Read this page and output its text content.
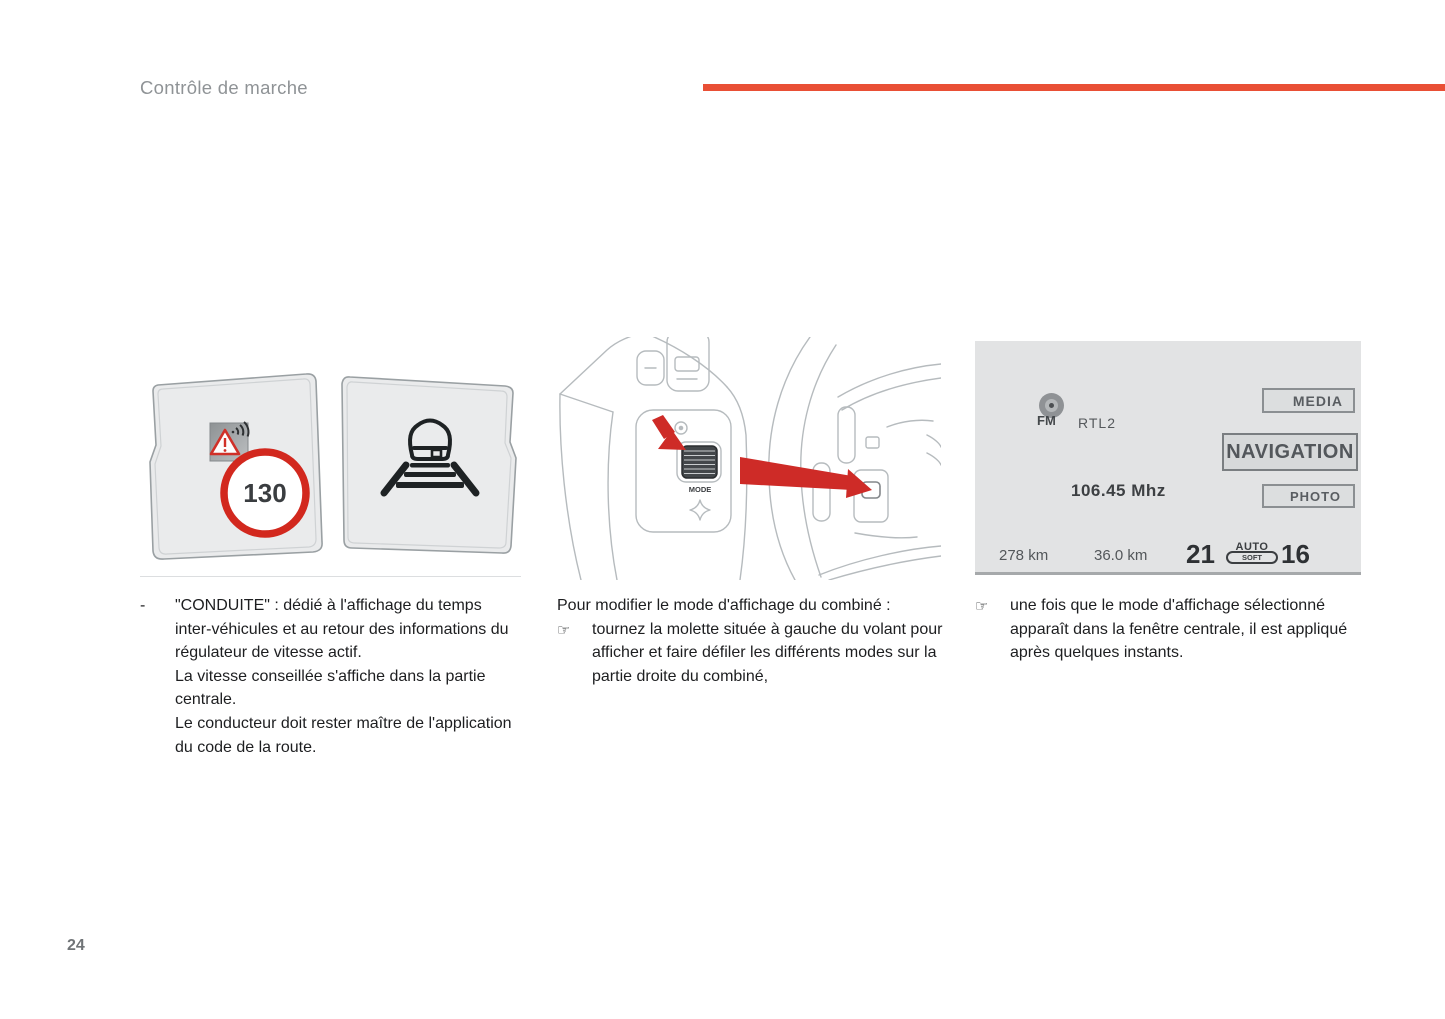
Contrôle de marche
130	MODE
FM RTL2
106.45 Mhz
MEDIA
NAVIGATION
PHOTO
278 km	36.0 km 21	AUTO
SOFT 16
-	"CONDUITE" : dédié à l'affichage du temps inter-véhicules et au retour des informations du régulateur de vitesse actif.
La vitesse conseillée s'affiche dans la partie centrale.
Le conducteur doit rester maître de l'application du code de la route.
Pour modifier le mode d'affichage du combiné :
☞	tournez la molette située à gauche du volant pour afficher et faire défiler les différents modes sur la partie droite du combiné,
☞	une fois que le mode d'affichage sélectionné apparaît dans la fenêtre centrale, il est appliqué après quelques instants.
24
